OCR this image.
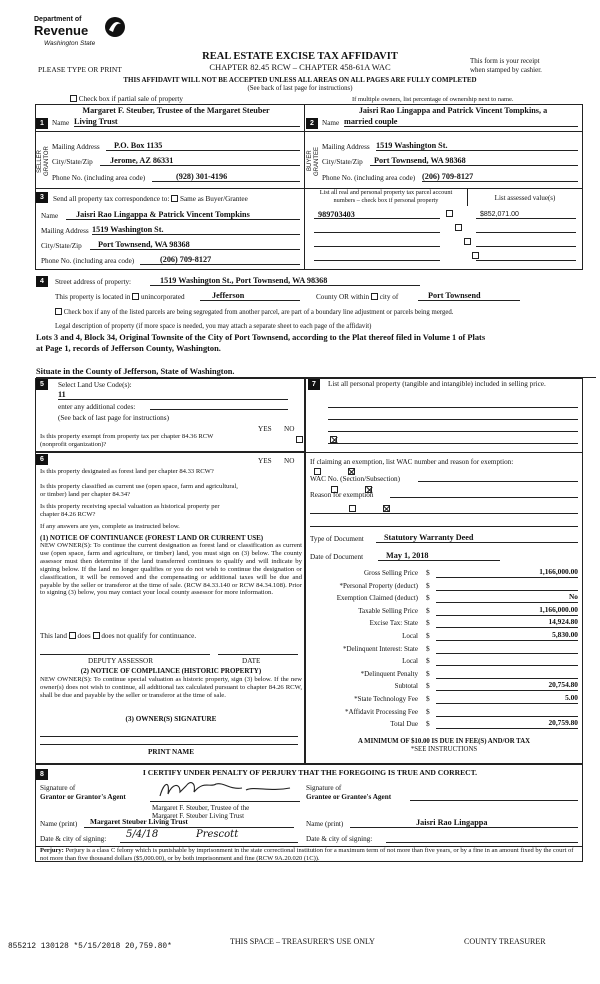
Department of
Revenue
Washington State
REAL ESTATE EXCISE TAX AFFIDAVIT
CHAPTER 82.45 RCW – CHAPTER 458-61A WAC
PLEASE TYPE OR PRINT
This form is your receipt
when stamped by cashier.
THIS AFFIDAVIT WILL NOT BE ACCEPTED UNLESS ALL AREAS ON ALL PAGES ARE FULLY COMPLETED
(See back of last page for instructions)
Check box if partial sale of property	If multiple owners, list percentage of ownership next to name.
1
Margaret F. Steuber, Trustee of the Margaret Steuber
Name Living Trust
SELLER GRANTOR Mailing Address	P.O. Box 1135
City/State/Zip	Jerome, AZ 86331
Phone No. (including area code)	(928) 301-4196
2
Jaisri Rao Lingappa and Patrick Vincent Tompkins, a
Name married couple
BUYER GRANTEE Mailing Address 1519 Washington St.
City/State/Zip	Port Townsend, WA 98368
Phone No. (including area code) (206) 709-8127
3	Send all property tax correspondence to: Same as Buyer/Grantee
Name	Jaisri Rao Lingappa & Patrick Vincent Tompkins
Mailing Address 1519 Washington St.
City/State/Zip	Port Townsend, WA 98368
Phone No. (including area code)	(206) 709-8127
List all real and personal property tax parcel account
numbers – check box if personal property	List assessed value(s)
989703403
	$852,071.00

4	Street address of property:	1519 Washington St., Port Townsend, WA 98368
This property is located in unincorporated	Jefferson	County OR within city of	Port Townsend
Check box if any of the listed parcels are being segregated from another parcel, are part of a boundary line adjustment or parcels being merged.
Legal description of property (if more space is needed, you may attach a separate sheet to each page of the affidavit)
Lots 3 and 4, Block 34, Original Townsite of the City of Port Townsend, according to the Plat thereof filed in Volume 1 of Plats
at Page 1, records of Jefferson County, Washington.
Situate in the County of Jefferson, State of Washington.
5	Select Land Use Code(s):
11
enter any additional codes:
(See back of last page for instructions)
YES NO
Is this property exempt from property tax per chapter 84.36 RCW (nonprofit organization)?

6	YES NO
Is this property designated as forest land per chapter 84.33 RCW?

Is this property classified as current use (open space, farm and agricultural, or timber) land per chapter 84.34?

Is this property receiving special valuation as historical property per chapter 84.26 RCW?

If any answers are yes, complete as instructed below.
(1) NOTICE OF CONTINUANCE (FOREST LAND OR CURRENT USE)
NEW OWNER(S): To continue the current designation as forest land or classification as current use (open space, farm and agriculture, or timber) land, you must sign on (3) below. The county assessor must then determine if the land transferred continues to qualify and will indicate by signing below. If the land no longer qualifies or you do not wish to continue the designation or classification, it will be removed and the compensating or additional taxes will be due and payable by the seller or transferor at the time of sale. (RCW 84.33.140 or RCW 84.34.108). Prior to signing (3) below, you may contact your local county assessor for more information.
This land does does not qualify for continuance.
DEPUTY ASSESSOR	DATE
(2) NOTICE OF COMPLIANCE (HISTORIC PROPERTY)
NEW OWNER(S): To continue special valuation as historic property, sign (3) below. If the new owner(s) does not wish to continue, all additional tax calculated pursuant to chapter 84.26 RCW, shall be due and payable by the seller or transferor at the time of sale.
(3) OWNER(S) SIGNATURE
PRINT NAME
7	List all personal property (tangible and intangible) included in selling price.
If claiming an exemption, list WAC number and reason for exemption:
WAC No. (Section/Subsection)
Reason for exemption
Type of Document	Statutory Warranty Deed
Date of Document	May 1, 2018
Gross Selling Price $	1,166,000.00
*Personal Property (deduct) $
Exemption Claimed (deduct) $	No
Taxable Selling Price $	1,166,000.00
Excise Tax: State $	14,924.80
Local $	5,830.00
*Delinquent Interest: State $
Local $
*Delinquent Penalty $
Subtotal $	20,754.80
*State Technology Fee $	5.00
*Affidavit Processing Fee $
Total Due $	20,759.80
A MINIMUM OF $10.00 IS DUE IN FEE(S) AND/OR TAX
*SEE INSTRUCTIONS
8	I CERTIFY UNDER PENALTY OF PERJURY THAT THE FOREGOING IS TRUE AND CORRECT.
Signature of
Grantor or Grantor's Agent
Margaret F. Steuber, Trustee of the
Margaret F. Steuber Living Trust
Signature of
Grantee or Grantee's Agent
Name (print)	Margaret Steuber Living Trust	Name (print)	Jaisri Rao Lingappa
Date & city of signing: 5/4/18	Prescott	Date & city of signing:
Perjury: Perjury is a class C felony which is punishable by imprisonment in the state correctional institution for a maximum term of not more than five years, or by a fine in an amount fixed by the court of not more than five thousand dollars ($5,000.00), or by both imprisonment and fine (RCW 9A.20.020 (1C)).
855212 130128 *5/15/2018 20,759.80*
THIS SPACE – TREASURER'S USE ONLY	COUNTY TREASURER
